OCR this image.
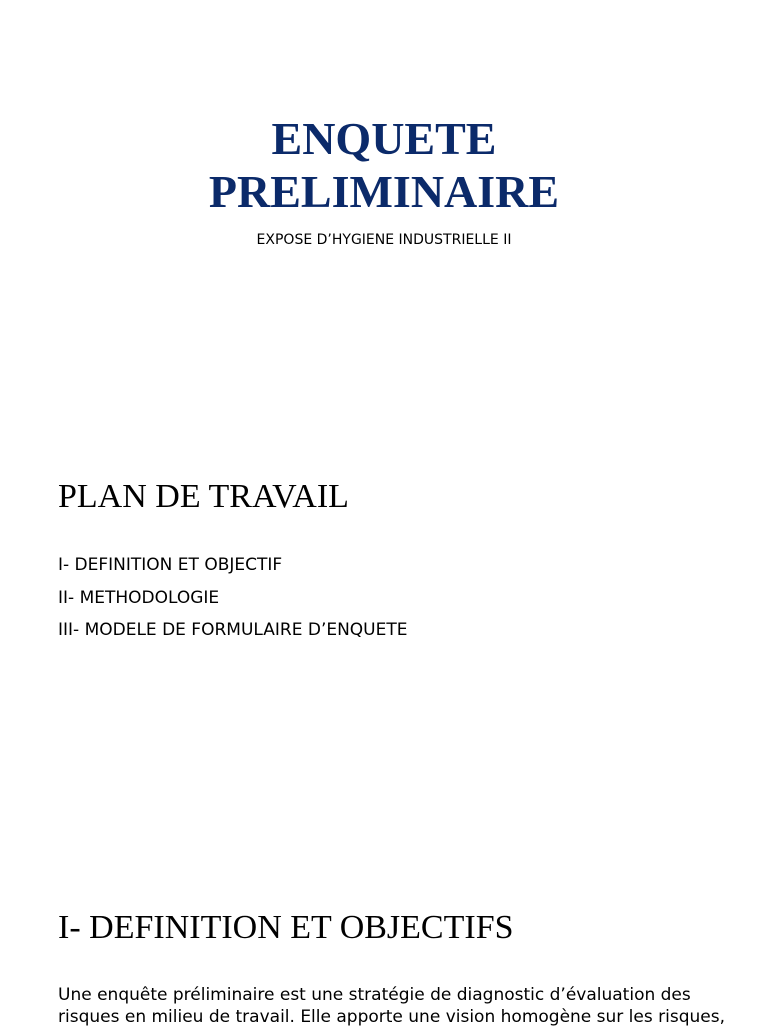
ENQUETE
PRELIMINAIRE

EXPOSE D’HYGIENE INDUSTRIELLE II

PLAN DE TRAVAIL
I- DEFINITION ET OBJECTIF
II- METHODOLOGIE
III- MODELE DE FORMULAIRE D’ENQUETE
I- DEFINITION ET OBJECTIFS

Une enquête préliminaire est une stratégie de diagnostic d’évaluation des risques en milieu de travail. Elle apporte une vision homogène sur les risques,
